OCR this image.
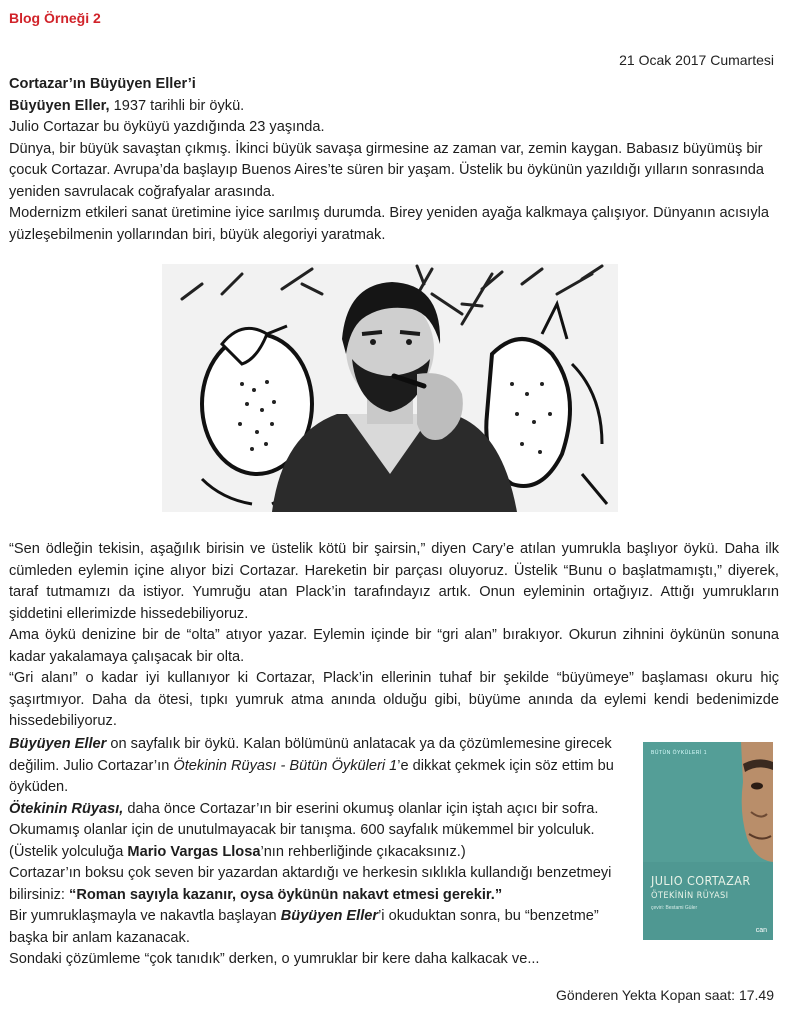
Blog Örneği 2
21 Ocak 2017 Cumartesi

Cortazar’ın Büyüyen Eller’i

Büyüyen Eller, 1937 tarihli bir öykü.

Julio Cortazar bu öyküyü yazdığında 23 yaşında.

Dünya, bir büyük savaştan çıkmış. İkinci büyük savaşa girmesine az zaman var, zemin kaygan. Babasız büyümüş bir çocuk Cortazar. Avrupa’da başlayıp Buenos Aires’te süren bir yaşam. Üstelik bu öykünün yazıldığı yılların sonrasında yeniden savrulacak coğrafyalar arasında.

Modernizm etkileri sanat üretimine iyice sarılmış durumda. Birey yeniden ayağa kalkmaya çalışıyor. Dünyanın acısıyla yüzleşebilmenin yollarından biri, büyük alegoriyi yaratmak.

“Sen ödleğin tekisin, aşağılık birisin ve üstelik kötü bir şairsin,” diyen Cary’e atılan yumrukla başlıyor öykü. Daha ilk cümleden eylemin içine alıyor bizi Cortazar. Hareketin bir parçası oluyoruz. Üstelik “Bunu o başlatmamıştı,” diyerek, taraf tutmamızı da istiyor. Yumruğu atan Plack’in tarafındayız artık. Onun eyleminin ortağıyız. Attığı yumrukların şiddetini ellerimizde hissedebiliyoruz.

Ama öykü denizine bir de “olta” atıyor yazar. Eylemin içinde bir “gri alan” bırakıyor. Okurun zihnini öykünün sonuna kadar yakalamaya çalışacak bir olta.

“Gri alanı” o kadar iyi kullanıyor ki Cortazar, Plack’in ellerinin tuhaf bir şekilde “büyümeye” başlaması okuru hiç şaşırtmıyor. Daha da ötesi, tıpkı yumruk atma anında olduğu gibi, büyüme anında da eylemi kendi bedenimizde hissedebiliyoruz.

Büyüyen Eller on sayfalık bir öykü. Kalan bölümünü anlatacak ya da çözümlemesine girecek değilim. Julio Cortazar’ın Ötekinin Rüyası - Bütün Öyküleri 1’e dikkat çekmek için söz ettim bu öyküden.

Ötekinin Rüyası, daha önce Cortazar’ın bir eserini okumuş olanlar için iştah açıcı bir sofra. Okumamış olanlar için de unutulmayacak bir tanışma. 600 sayfalık mükemmel bir yolculuk. (Üstelik yolculuğa Mario Vargas Llosa’nın rehberliğinde çıkacaksınız.)

Cortazar’ın boksu çok seven bir yazardan aktardığı ve herkesin sıklıkla kullandığı benzetmeyi bilirsiniz: “Roman sayıyla kazanır, oysa öykünün nakavt etmesi gerekir.”

Bir yumruklaşmayla ve nakavtla başlayan Büyüyen Eller’i okuduktan sonra, bu “benzetme” başka bir anlam kazanacak.

Sondaki çözümleme “çok tanıdık” derken, o yumruklar bir kere daha kalkacak ve...

BÜTÜN ÖYKÜLERİ 1
JULIO CORTAZAR
ÖTEKİNİN RÜYASI
çeviri: Bestami Güler
can
Gönderen Yekta Kopan saat: 17.49
